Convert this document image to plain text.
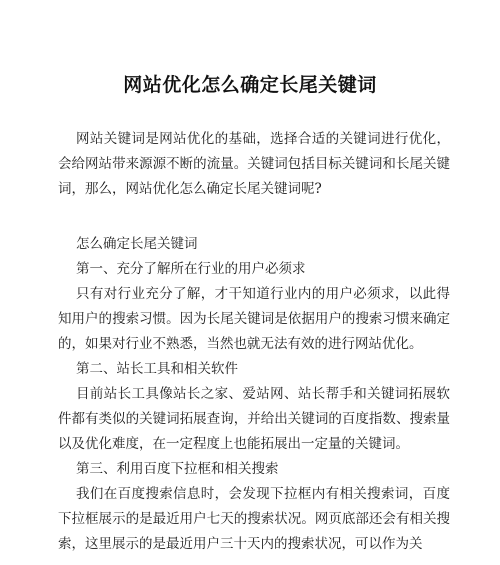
网站优化怎么确定长尾关键词

网站关键词是网站优化的基础，选择合适的关键词进行优化，会给网站带来源源不断的流量。关键词包括目标关键词和长尾关键词，那么，网站优化怎么确定长尾关键词呢?

怎么确定长尾关键词

第一、充分了解所在行业的用户必须求

只有对行业充分了解，才干知道行业内的用户必须求，以此得知用户的搜索习惯。因为长尾关键词是依据用户的搜索习惯来确定的，如果对行业不熟悉，当然也就无法有效的进行网站优化。

第二、站长工具和相关软件

目前站长工具像站长之家、爱站网、站长帮手和关键词拓展软件都有类似的关键词拓展查询，并给出关键词的百度指数、搜索量以及优化难度，在一定程度上也能拓展出一定量的关键词。

第三、利用百度下拉框和相关搜索

我们在百度搜索信息时，会发现下拉框内有相关搜索词，百度下拉框展示的是最近用户七天的搜索状况。网页底部还会有相关搜索，这里展示的是最近用户三十天内的搜索状况，可以作为关
